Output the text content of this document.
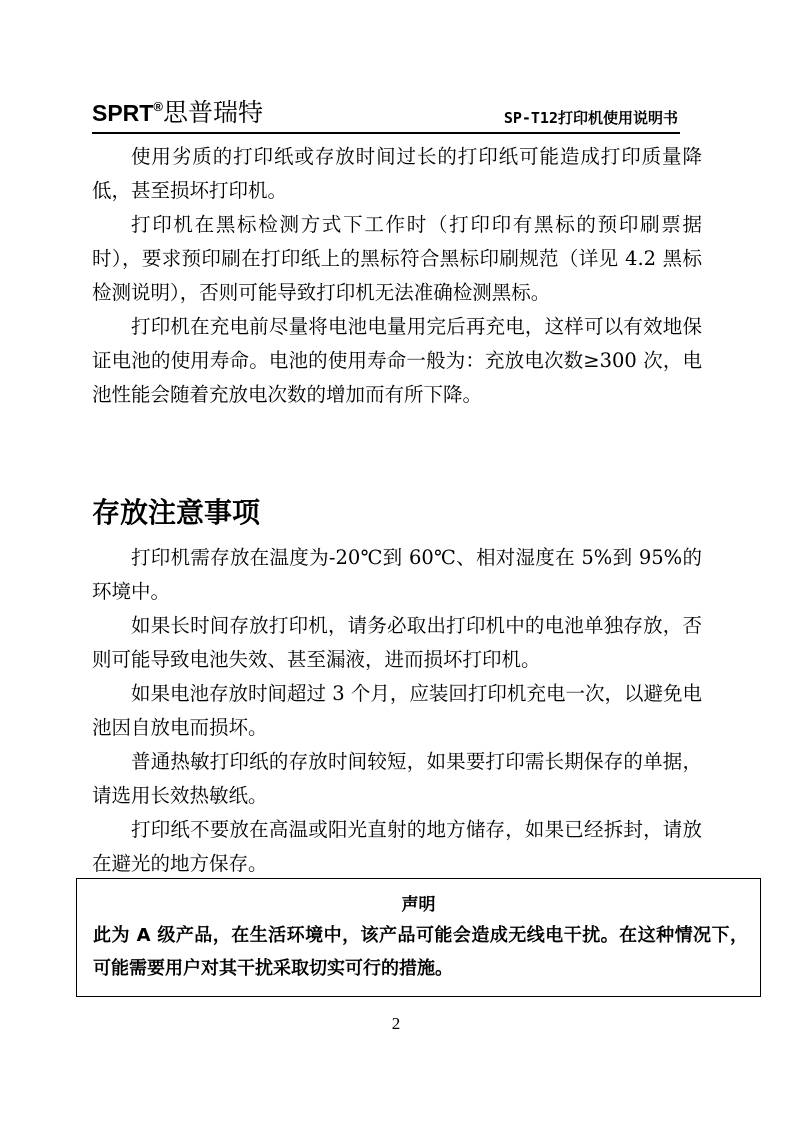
SPRT®思普瑞特	SP-T12打印机使用说明书

使用劣质的打印纸或存放时间过长的打印纸可能造成打印质量降低，甚至损坏打印机。

打印机在黑标检测方式下工作时（打印印有黑标的预印刷票据时），要求预印刷在打印纸上的黑标符合黑标印刷规范（详见 4.2 黑标检测说明），否则可能导致打印机无法准确检测黑标。

打印机在充电前尽量将电池电量用完后再充电，这样可以有效地保证电池的使用寿命。电池的使用寿命一般为：充放电次数≥300 次，电池性能会随着充放电次数的增加而有所下降。

存放注意事项

打印机需存放在温度为-20℃到 60℃、相对湿度在 5%到 95%的环境中。

如果长时间存放打印机，请务必取出打印机中的电池单独存放，否则可能导致电池失效、甚至漏液，进而损坏打印机。

如果电池存放时间超过 3 个月，应装回打印机充电一次，以避免电池因自放电而损坏。

普通热敏打印纸的存放时间较短，如果要打印需长期保存的单据，请选用长效热敏纸。

打印纸不要放在高温或阳光直射的地方储存，如果已经拆封，请放在避光的地方保存。

声明

此为 A 级产品，在生活环境中，该产品可能会造成无线电干扰。在这种情况下，可能需要用户对其干扰采取切实可行的措施。

2
